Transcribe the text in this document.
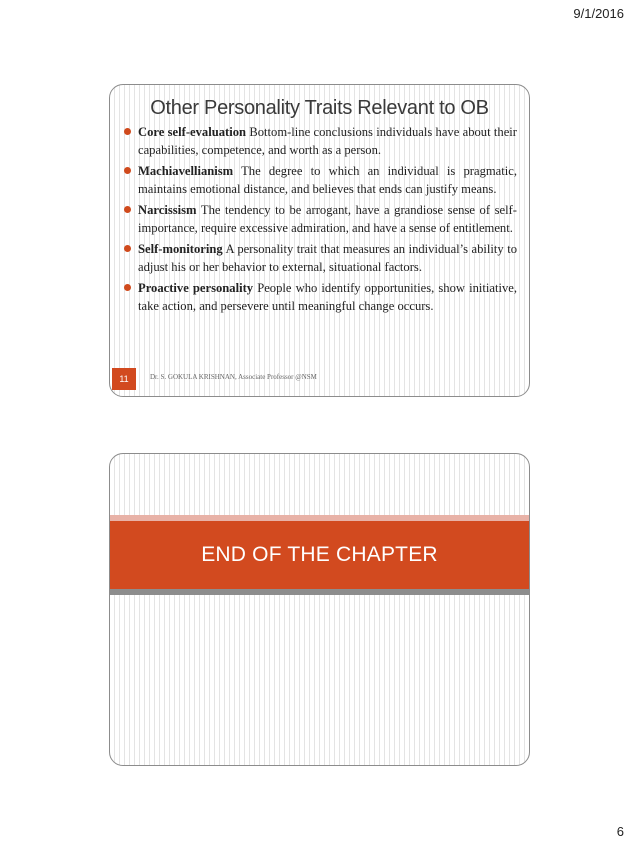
9/1/2016
Other Personality Traits Relevant to OB
Core self-evaluation Bottom-line conclusions individuals have about their capabilities, competence, and worth as a person.
Machiavellianism The degree to which an individual is pragmatic, maintains emotional distance, and believes that ends can justify means.
Narcissism The tendency to be arrogant, have a grandiose sense of self-importance, require excessive admiration, and have a sense of entitlement.
Self-monitoring A personality trait that measures an individual’s ability to adjust his or her behavior to external, situational factors.
Proactive personality People who identify opportunities, show initiative, take action, and persevere until meaningful change occurs.
11	Dr. S. GOKULA KRISHNAN, Associate Professor @NSM
END OF THE CHAPTER
6
